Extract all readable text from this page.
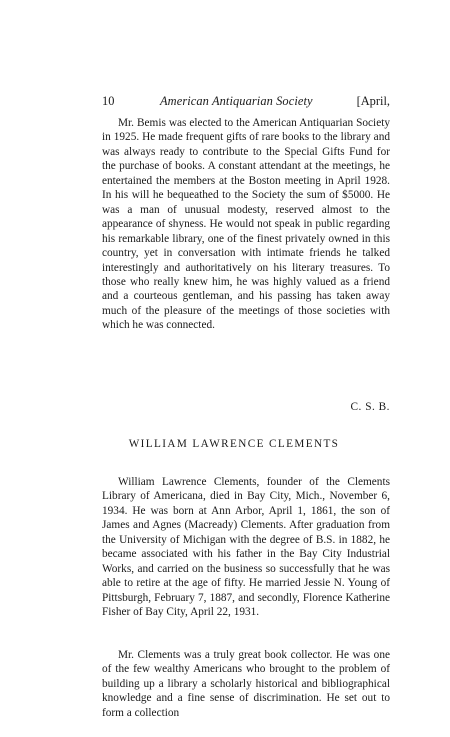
10	American Antiquarian Society	[April,

Mr. Bemis was elected to the American Antiquarian Society in 1925. He made frequent gifts of rare books to the library and was always ready to contribute to the Special Gifts Fund for the purchase of books. A constant attendant at the meetings, he entertained the members at the Boston meeting in April 1928. In his will he bequeathed to the Society the sum of $5000. He was a man of unusual modesty, reserved almost to the appearance of shyness. He would not speak in public regarding his remarkable library, one of the finest privately owned in this country, yet in conversation with intimate friends he talked interestingly and authoritatively on his literary treasures. To those who really knew him, he was highly valued as a friend and a courteous gentleman, and his passing has taken away much of the pleasure of the meetings of those societies with which he was connected.

C. S. B.
WILLIAM LAWRENCE CLEMENTS

William Lawrence Clements, founder of the Clements Library of Americana, died in Bay City, Mich., November 6, 1934. He was born at Ann Arbor, April 1, 1861, the son of James and Agnes (Macready) Clements. After graduation from the University of Michigan with the degree of B.S. in 1882, he became associated with his father in the Bay City Industrial Works, and carried on the business so successfully that he was able to retire at the age of fifty. He married Jessie N. Young of Pittsburgh, February 7, 1887, and secondly, Florence Katherine Fisher of Bay City, April 22, 1931.

Mr. Clements was a truly great book collector. He was one of the few wealthy Americans who brought to the problem of building up a library a scholarly historical and bibliographical knowledge and a fine sense of discrimination. He set out to form a collection
